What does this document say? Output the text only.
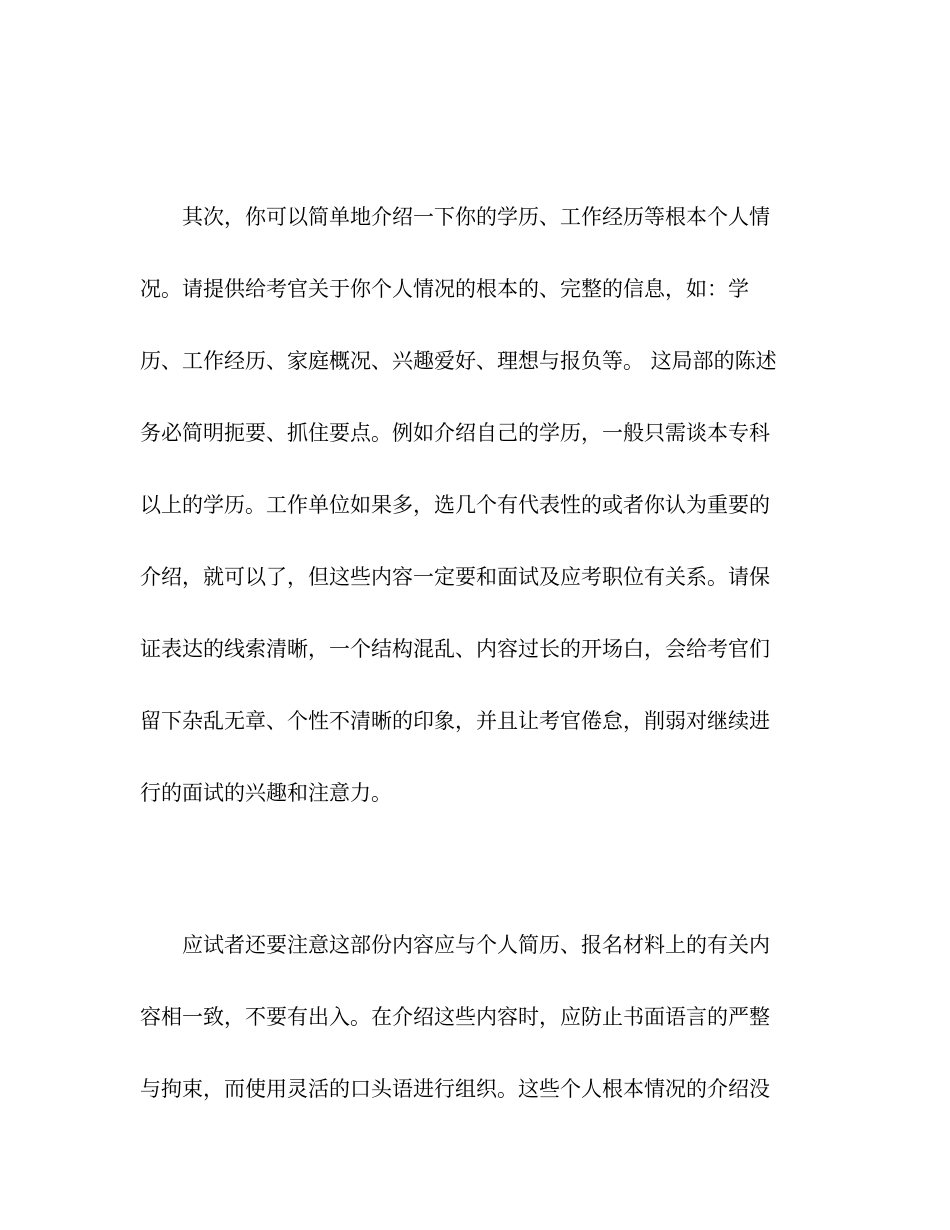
其次，你可以简单地介绍一下你的学历、工作经历等根本个人情
况。请提供给考官关于你个人情况的根本的、完整的信息，如：学
历、工作经历、家庭概况、兴趣爱好、理想与报负等。 这局部的陈述
务必简明扼要、抓住要点。例如介绍自己的学历，一般只需谈本专科
以上的学历。工作单位如果多，选几个有代表性的或者你认为重要的
介绍，就可以了，但这些内容一定要和面试及应考职位有关系。请保
证表达的线索清晰，一个结构混乱、内容过长的开场白，会给考官们
留下杂乱无章、个性不清晰的印象，并且让考官倦怠，削弱对继续进
行的面试的兴趣和注意力。
应试者还要注意这部份内容应与个人简历、报名材料上的有关内
容相一致，不要有出入。在介绍这些内容时，应防止书面语言的严整
与拘束，而使用灵活的口头语进行组织。这些个人根本情况的介绍没
